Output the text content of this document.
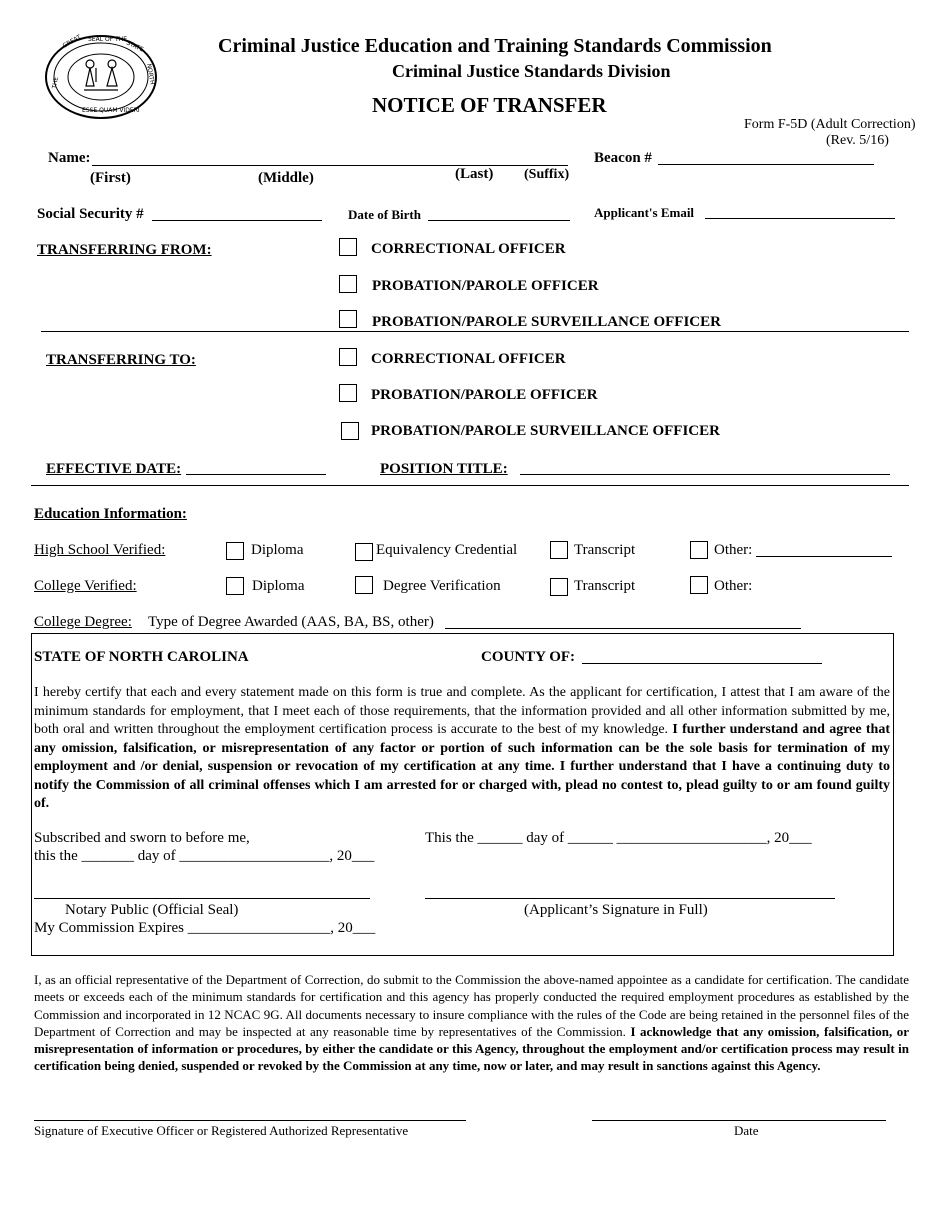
GREAT SEAL OF THE
STATE
THE	NORTH
ESSE QUAM VIDERI
Criminal Justice Education and Training Standards Commission
Criminal Justice Standards Division
NOTICE OF TRANSFER
Form F-5D (Adult Correction)
(Rev. 5/16)
Name:
(First)	(Middle)	(Last) (Suffix)
Beacon #
Social Security #	Date of Birth	Applicant's Email
TRANSFERRING FROM:	CORRECTIONAL OFFICER
PROBATION/PAROLE OFFICER
PROBATION/PAROLE SURVEILLANCE OFFICER
TRANSFERRING TO:	CORRECTIONAL OFFICER
PROBATION/PAROLE OFFICER
PROBATION/PAROLE SURVEILLANCE OFFICER
EFFECTIVE DATE:	POSITION TITLE:
Education Information:
High School Verified:	Diploma	Equivalency Credential	Transcript	Other:
College Verified:	Diploma	Degree Verification	Transcript	Other:
College Degree: Type of Degree Awarded (AAS, BA, BS, other)
STATE OF NORTH CAROLINA	COUNTY OF:
I hereby certify that each and every statement made on this form is true and complete. As the applicant for certification, I attest that I am aware of the minimum standards for employment, that I meet each of those requirements, that the information provided and all other information submitted by me, both oral and written throughout the employment certification process is accurate to the best of my knowledge. I further understand and agree that any omission, falsification, or misrepresentation of any factor or portion of such information can be the sole basis for termination of my employment and /or denial, suspension or revocation of my certification at any time. I further understand that I have a continuing duty to notify the Commission of all criminal offenses which I am arrested for or charged with, plead no contest to, plead guilty to or am found guilty of.
Subscribed and sworn to before me,
this the _______ day of ____________________, 20___
This the ______ day of ______ ____________________, 20___
Notary Public (Official Seal)
My Commission Expires ___________________, 20___
(Applicant’s Signature in Full)
I, as an official representative of the Department of Correction, do submit to the Commission the above-named appointee as a candidate for certification. The candidate meets or exceeds each of the minimum standards for certification and this agency has properly conducted the required employment procedures as established by the Commission and incorporated in 12 NCAC 9G. All documents necessary to insure compliance with the rules of the Code are being retained in the personnel files of the Department of Correction and may be inspected at any reasonable time by representatives of the Commission. I acknowledge that any omission, falsification, or misrepresentation of information or procedures, by either the candidate or this Agency, throughout the employment and/or certification process may result in certification being denied, suspended or revoked by the Commission at any time, now or later, and may result in sanctions against this Agency.
Signature of Executive Officer or Registered Authorized Representative	Date
